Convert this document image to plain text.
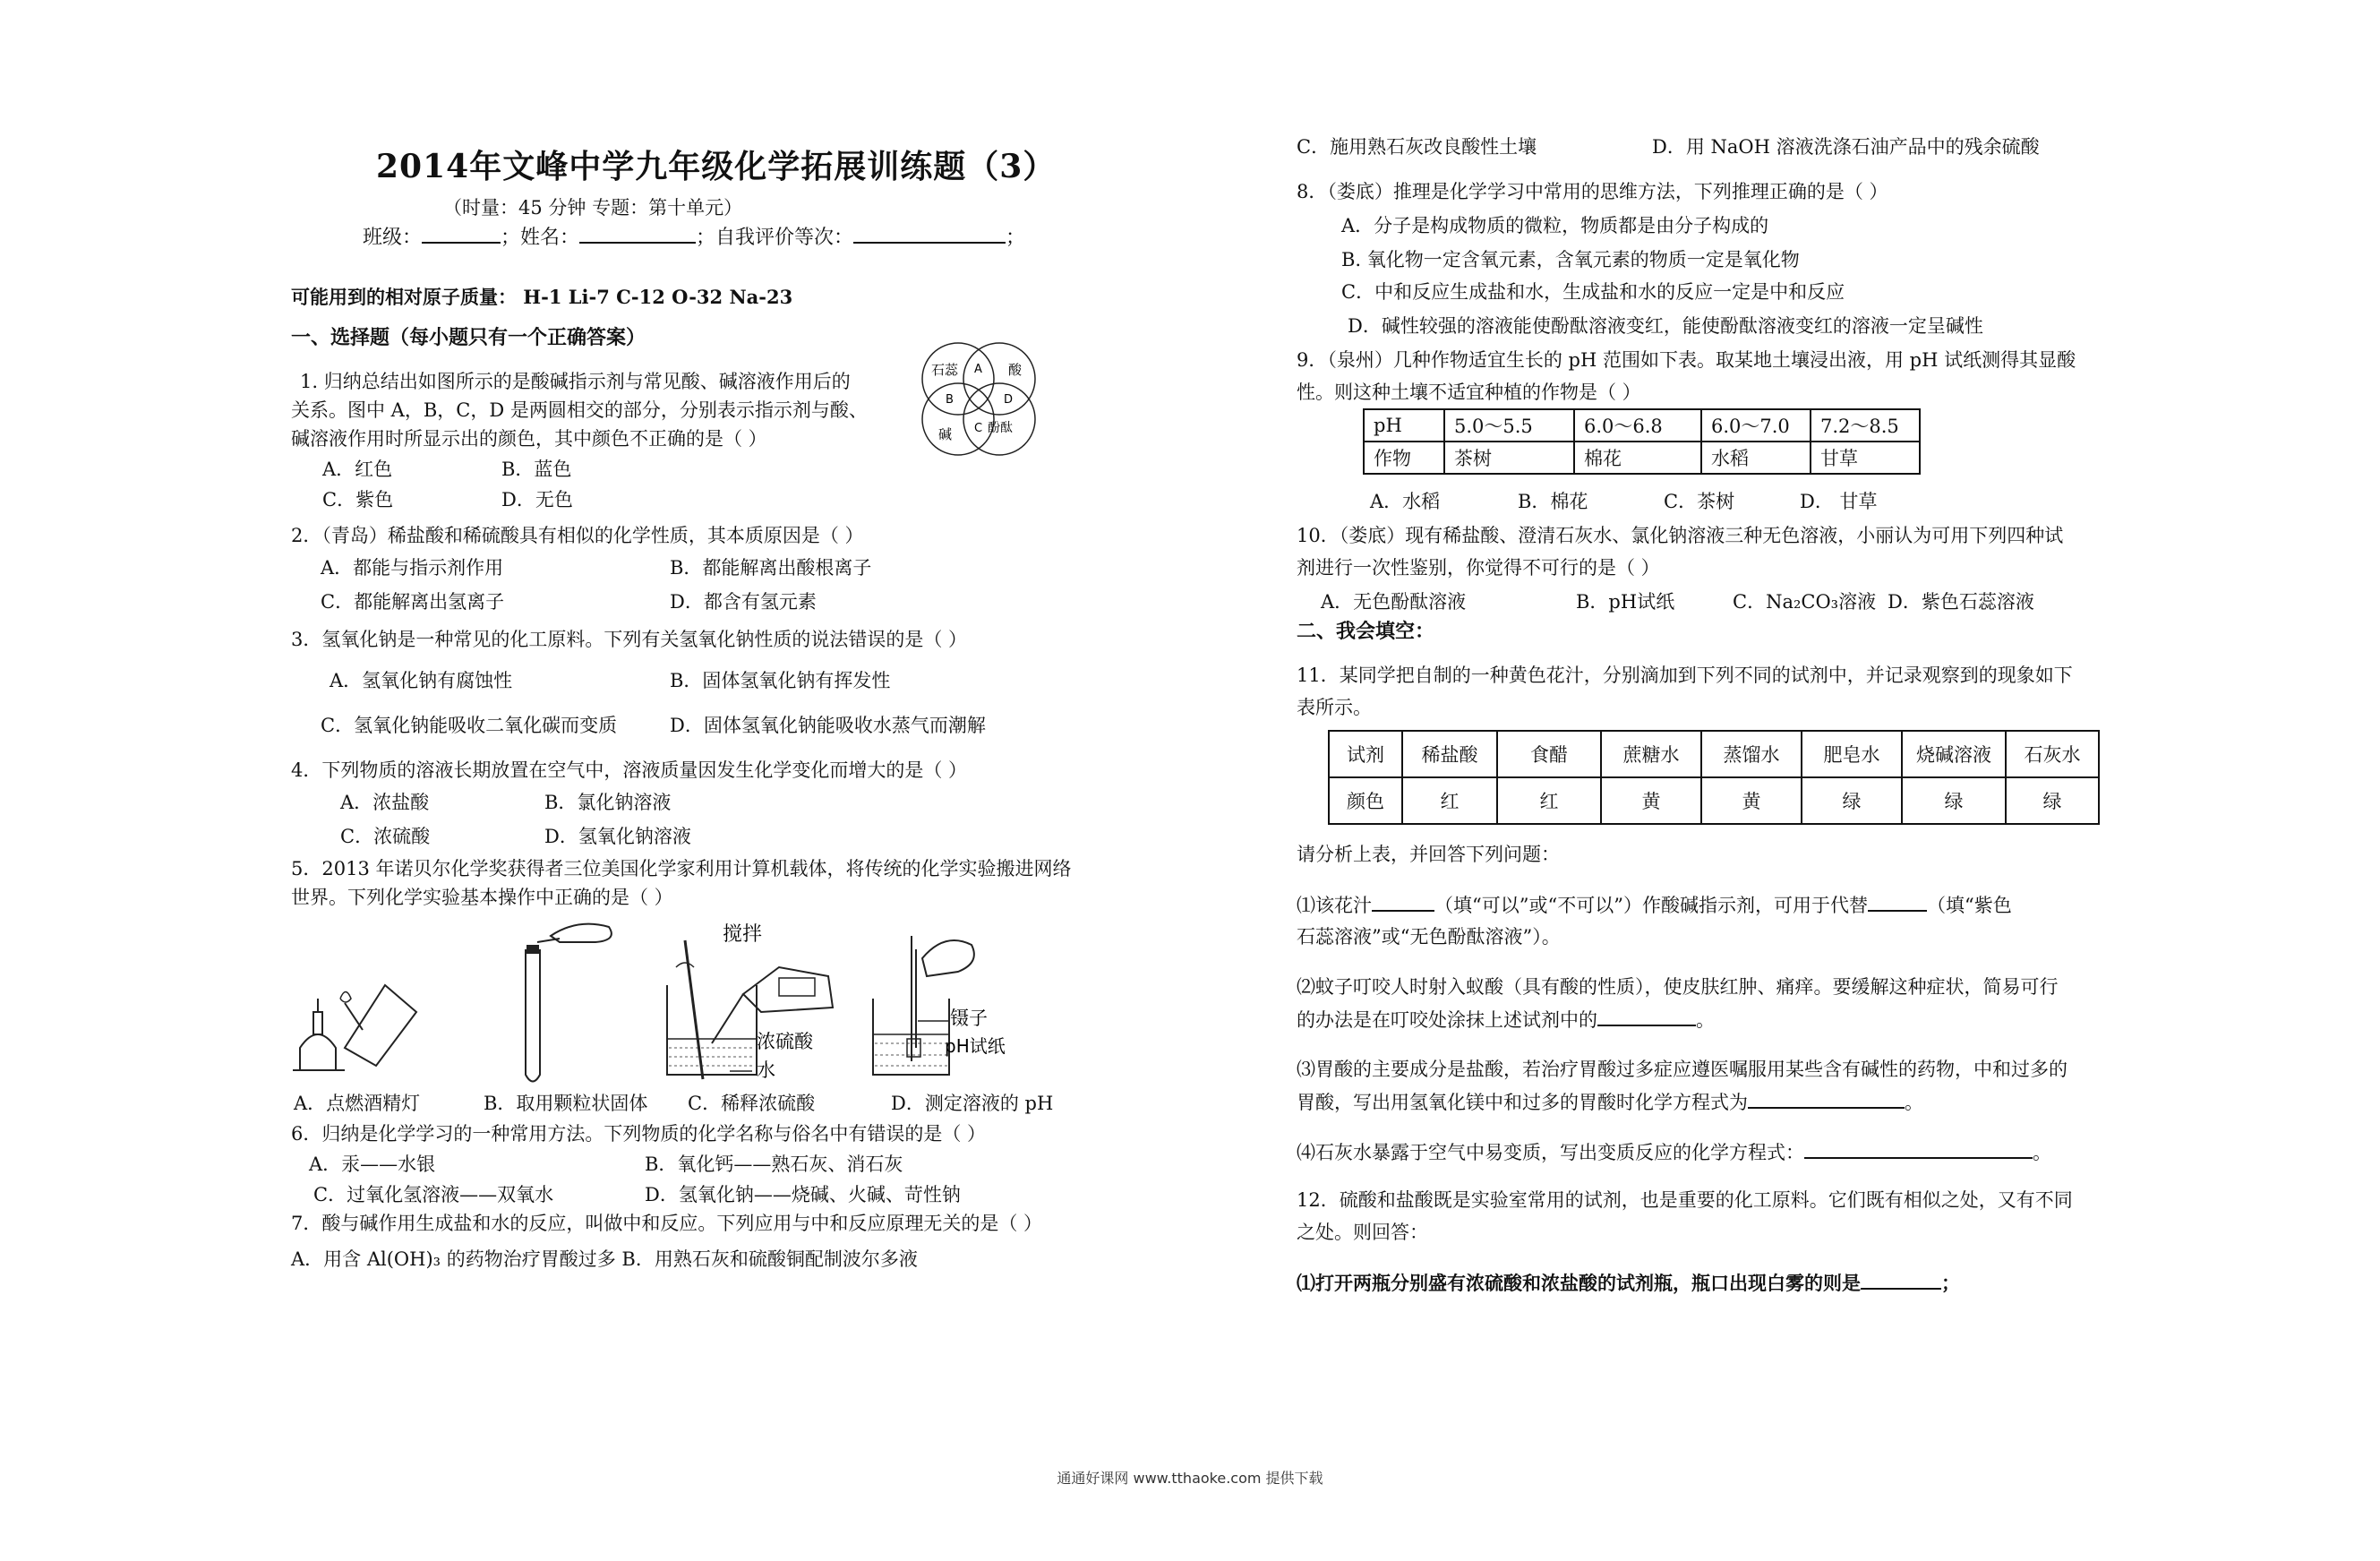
2014年文峰中学九年级化学拓展训练题（3）
（时量：45 分钟 专题：第十单元）
班级：	；姓名：	；自我评价等次：	；
可能用到的相对原子质量： H-1 Li-7 C-12 O-32 Na-23
一、选择题（每小题只有一个正确答案）
1. 归纳总结出如图所示的是酸碱指示剂与常见酸、碱溶液作用后的
关系。图中 A，B，C，D 是两圆相交的部分，分别表示指示剂与酸、
碱溶液作用时所显示出的颜色，其中颜色不正确的是（ ）
A．红色	B．蓝色
C．紫色	D．无色
石蕊	酸
碱	酚酞
A
B
C
D
2．（青岛）稀盐酸和稀硫酸具有相似的化学性质，其本质原因是（ ）
A．都能与指示剂作用	B．都能解离出酸根离子
C．都能解离出氢离子	D．都含有氢元素
3．氢氧化钠是一种常见的化工原料。下列有关氢氧化钠性质的说法错误的是（ ）
A．氢氧化钠有腐蚀性	B．固体氢氧化钠有挥发性
C．氢氧化钠能吸收二氧化碳而变质	D．固体氢氧化钠能吸收水蒸气而潮解
4．下列物质的溶液长期放置在空气中，溶液质量因发生化学变化而增大的是（ ）
A．浓盐酸	B．氯化钠溶液
C．浓硫酸	D．氢氧化钠溶液
5．2013 年诺贝尔化学奖获得者三位美国化学家利用计算机载体，将传统的化学实验搬进网络
世界。下列化学实验基本操作中正确的是（ ）
搅拌
浓硫酸
水
镊子
pH试纸
A．点燃酒精灯	B．取用颗粒状固体 C．稀释浓硫酸	D．测定溶液的 pH
6．归纳是化学学习的一种常用方法。下列物质的化学名称与俗名中有错误的是（ ）
A．汞——水银	B．氧化钙——熟石灰、消石灰
C．过氧化氢溶液——双氧水	D．氢氧化钠——烧碱、火碱、苛性钠
7．酸与碱作用生成盐和水的反应，叫做中和反应。下列应用与中和反应原理无关的是（ ）
A．用含 Al(OH)₃ 的药物治疗胃酸过多 B．用熟石灰和硫酸铜配制波尔多液
C．施用熟石灰改良酸性土壤	D．用 NaOH 溶液洗涤石油产品中的残余硫酸
8．（娄底）推理是化学学习中常用的思维方法，下列推理正确的是（ ）
A．分子是构成物质的微粒，物质都是由分子构成的
B. 氧化物一定含氧元素，含氧元素的物质一定是氧化物
C．中和反应生成盐和水，生成盐和水的反应一定是中和反应
D．碱性较强的溶液能使酚酞溶液变红，能使酚酞溶液变红的溶液一定呈碱性
9．（泉州）几种作物适宜生长的 pH 范围如下表。取某地土壤浸出液，用 pH 试纸测得其显酸
性。则这种土壤不适宜种植的作物是（ ）
pH	5.0～5.5	6.0～6.8	6.0～7.0	7.2～8.5
作物	茶树	棉花	水稻	甘草
A．水稻	B．棉花	C．茶树	D． 甘草
10．（娄底）现有稀盐酸、澄清石灰水、氯化钠溶液三种无色溶液，小丽认为可用下列四种试
剂进行一次性鉴别，你觉得不可行的是（ ）
A．无色酚酞溶液	B．pH试纸	C．Na₂CO₃溶液 D．紫色石蕊溶液
二、我会填空：
11．某同学把自制的一种黄色花汁，分别滴加到下列不同的试剂中，并记录观察到的现象如下
表所示。
试剂	稀盐酸	食醋	蔗糖水	蒸馏水	肥皂水	烧碱溶液	石灰水
颜色	红	红	黄	黄	绿	绿	绿
请分析上表，并回答下列问题：
⑴该花汁	（填“可以”或“不可以”）作酸碱指示剂，可用于代替	（填“紫色
石蕊溶液”或“无色酚酞溶液”）。
⑵蚊子叮咬人时射入蚁酸（具有酸的性质），使皮肤红肿、痛痒。要缓解这种症状，简易可行
的办法是在叮咬处涂抹上述试剂中的	。
⑶胃酸的主要成分是盐酸，若治疗胃酸过多症应遵医嘱服用某些含有碱性的药物，中和过多的
胃酸，写出用氢氧化镁中和过多的胃酸时化学方程式为	。
⑷石灰水暴露于空气中易变质，写出变质反应的化学方程式：	。
12．硫酸和盐酸既是实验室常用的试剂，也是重要的化工原料。它们既有相似之处，又有不同
之处。则回答：
⑴打开两瓶分别盛有浓硫酸和浓盐酸的试剂瓶，瓶口出现白雾的则是	；
通通好课网 www.tthaoke.com 提供下载
